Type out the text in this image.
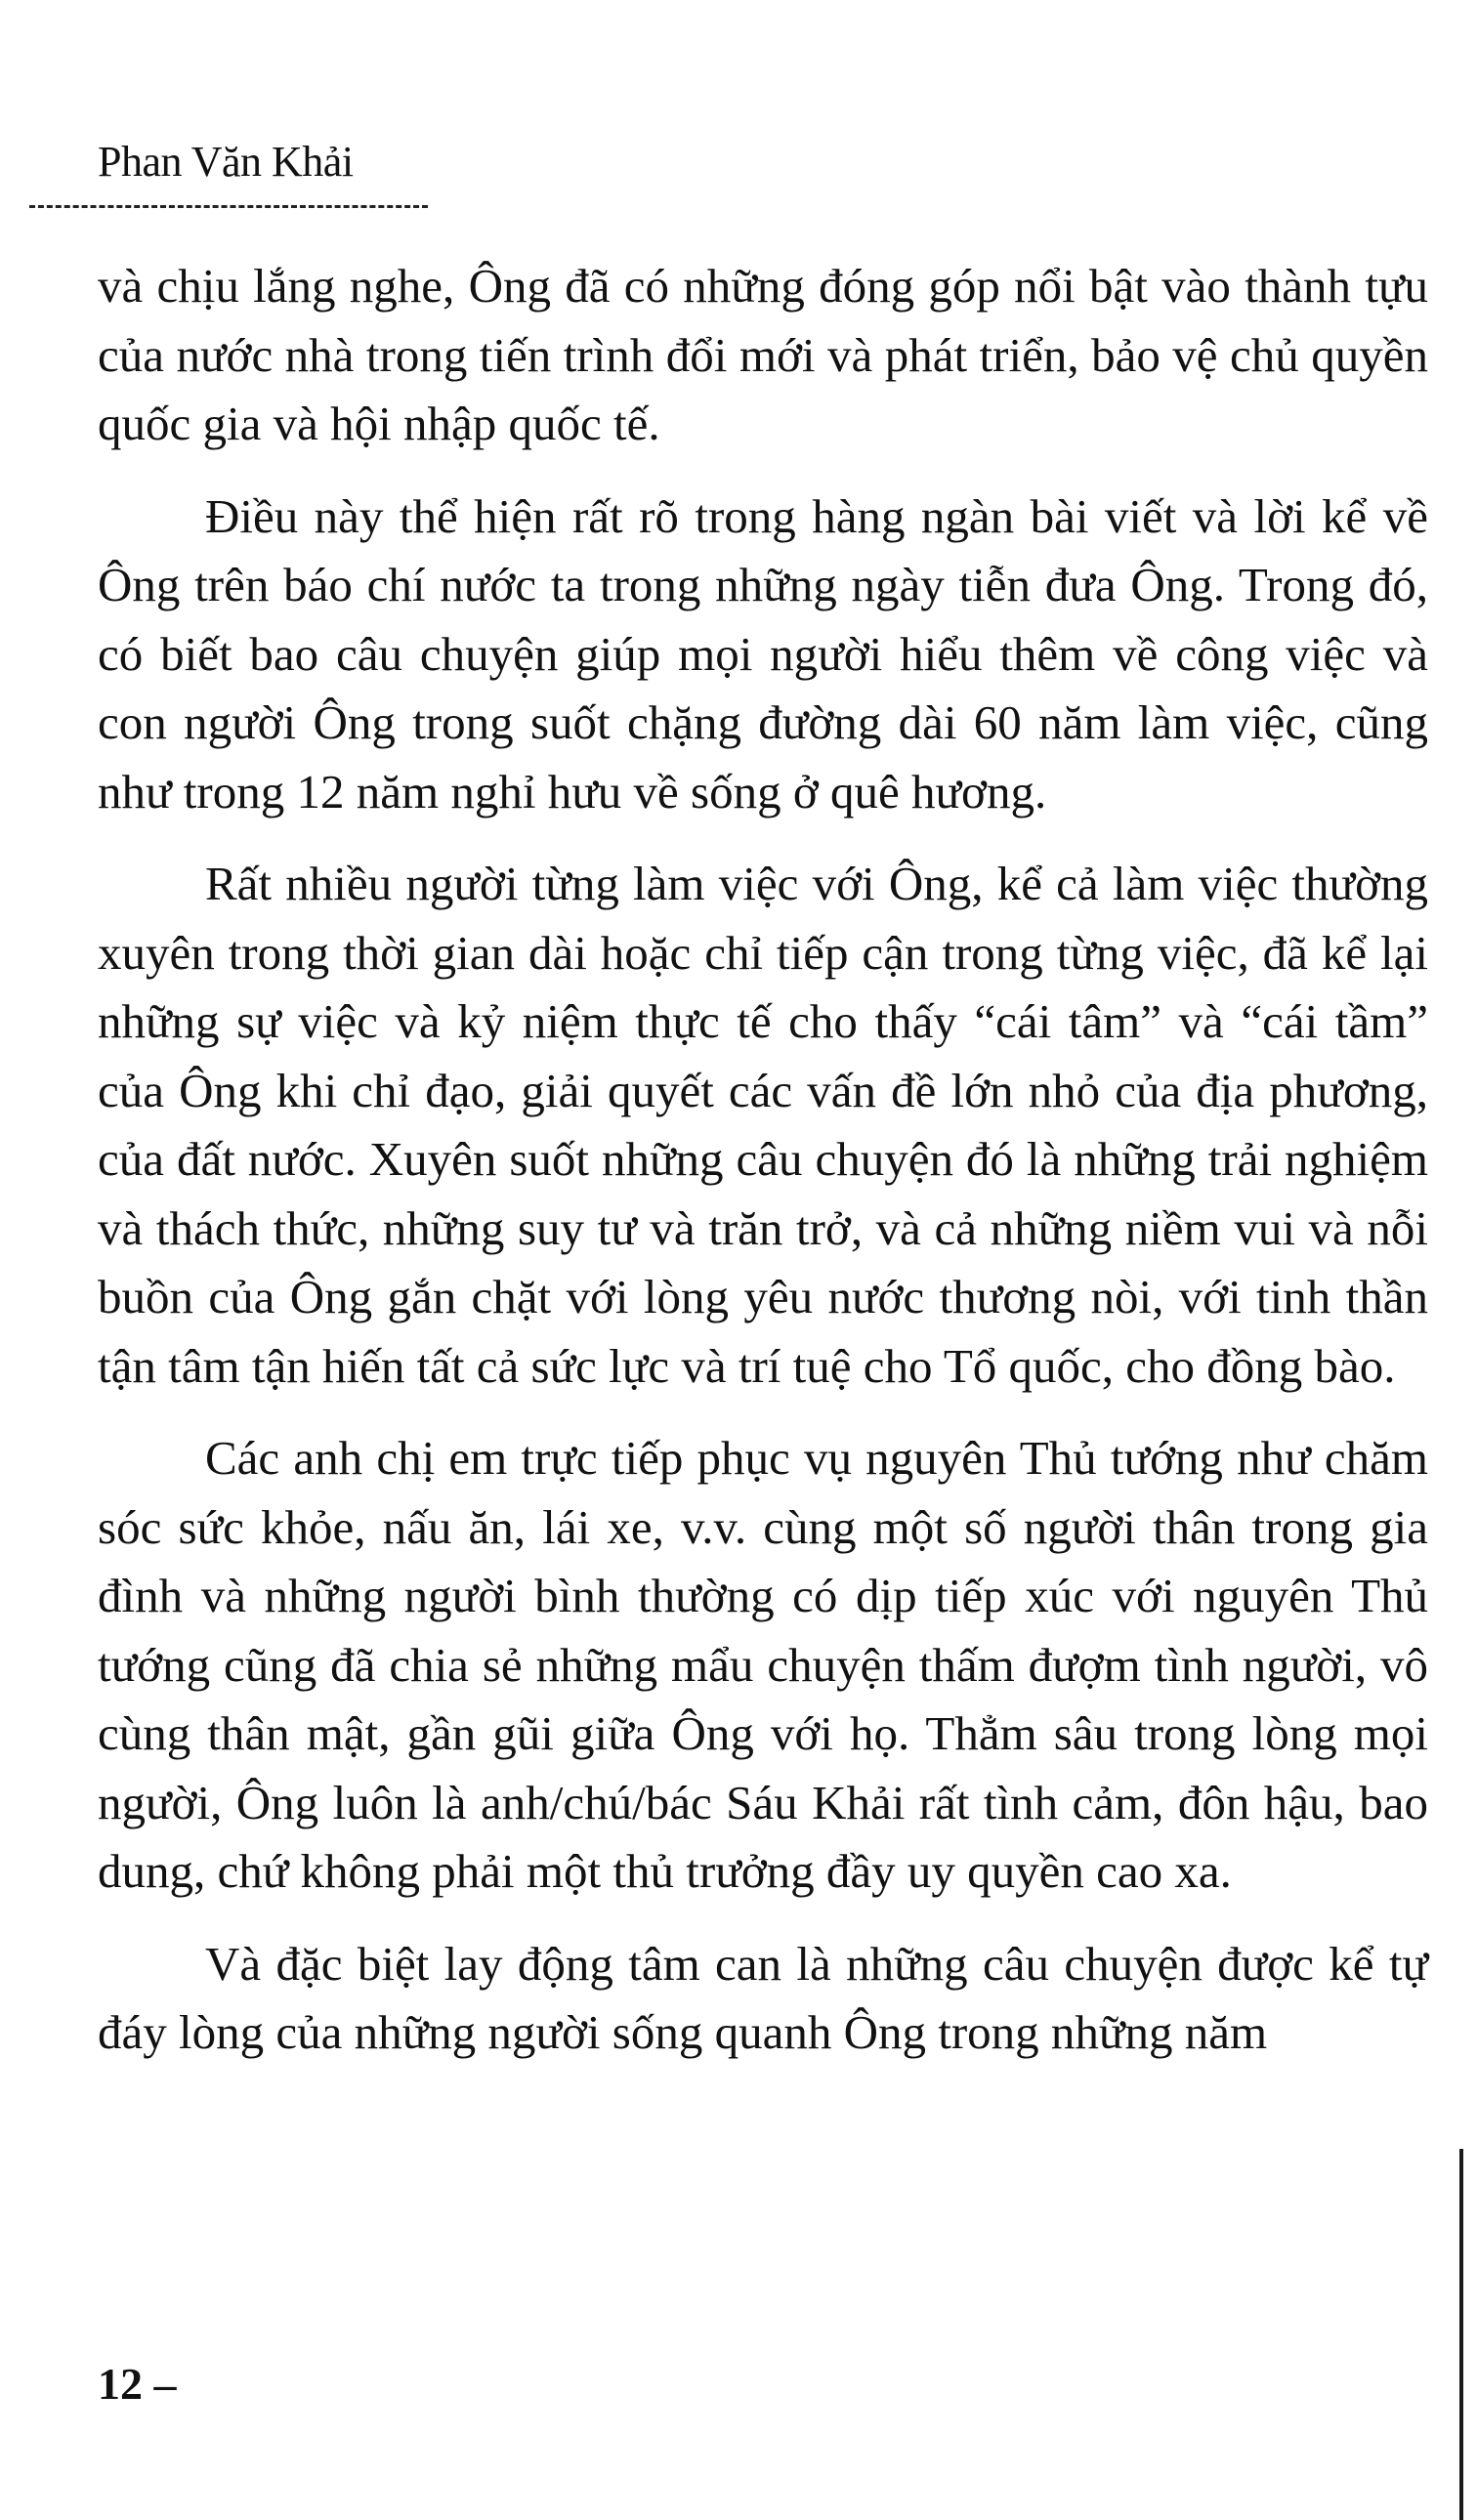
Phan Văn Khải

và chịu lắng nghe, Ông đã có những đóng góp nổi bật vào thành tựu của nước nhà trong tiến trình đổi mới và phát triển, bảo vệ chủ quyền quốc gia và hội nhập quốc tế.

Điều này thể hiện rất rõ trong hàng ngàn bài viết và lời kể về Ông trên báo chí nước ta trong những ngày tiễn đưa Ông. Trong đó, có biết bao câu chuyện giúp mọi người hiểu thêm về công việc và con người Ông trong suốt chặng đường dài 60 năm làm việc, cũng như trong 12 năm nghỉ hưu về sống ở quê hương.

Rất nhiều người từng làm việc với Ông, kể cả làm việc thường xuyên trong thời gian dài hoặc chỉ tiếp cận trong từng việc, đã kể lại những sự việc và kỷ niệm thực tế cho thấy “cái tâm” và “cái tầm” của Ông khi chỉ đạo, giải quyết các vấn đề lớn nhỏ của địa phương, của đất nước. Xuyên suốt những câu chuyện đó là những trải nghiệm và thách thức, những suy tư và trăn trở, và cả những niềm vui và nỗi buồn của Ông gắn chặt với lòng yêu nước thương nòi, với tinh thần tận tâm tận hiến tất cả sức lực và trí tuệ cho Tổ quốc, cho đồng bào.

Các anh chị em trực tiếp phục vụ nguyên Thủ tướng như chăm sóc sức khỏe, nấu ăn, lái xe, v.v. cùng một số người thân trong gia đình và những người bình thường có dịp tiếp xúc với nguyên Thủ tướng cũng đã chia sẻ những mẩu chuyện thấm đượm tình người, vô cùng thân mật, gần gũi giữa Ông với họ. Thẳm sâu trong lòng mọi người, Ông luôn là anh/chú/bác Sáu Khải rất tình cảm, đôn hậu, bao dung, chứ không phải một thủ trưởng đầy uy quyền cao xa.

Và đặc biệt lay động tâm can là những câu chuyện được kể tự đáy lòng của những người sống quanh Ông trong những năm

12 –
